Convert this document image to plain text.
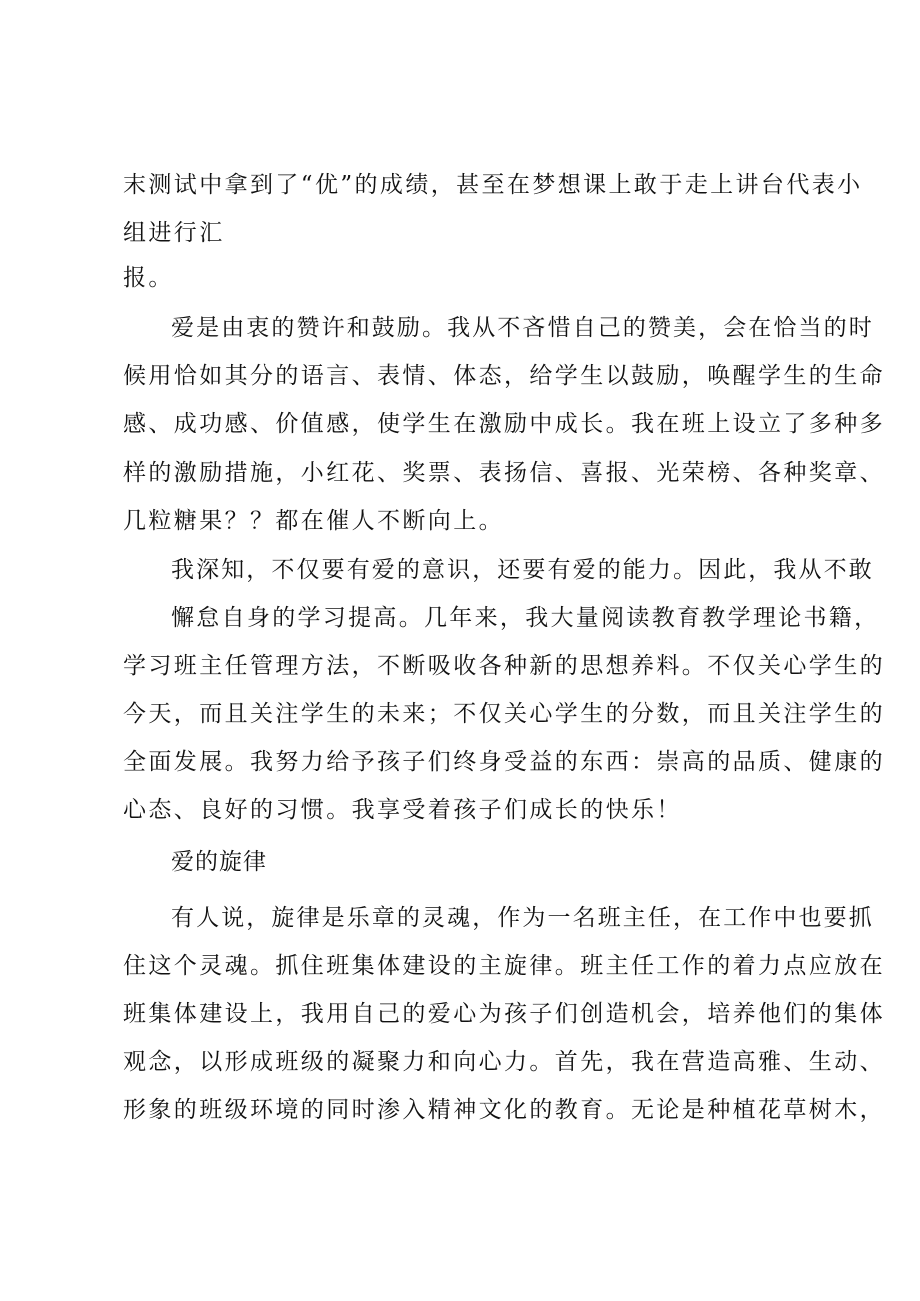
末测试中拿到了“优”的成绩，甚至在梦想课上敢于走上讲台代表小

组进行汇

报。

爱是由衷的赞许和鼓励。我从不吝惜自己的赞美，会在恰当的时

候用恰如其分的语言、表情、体态，给学生以鼓励，唤醒学生的生命

感、成功感、价值感，使学生在激励中成长。我在班上设立了多种多

样的激励措施，小红花、奖票、表扬信、喜报、光荣榜、各种奖章、

几粒糖果？？都在催人不断向上。

我深知，不仅要有爱的意识，还要有爱的能力。因此，我从不敢

懈怠自身的学习提高。几年来，我大量阅读教育教学理论书籍，

学习班主任管理方法，不断吸收各种新的思想养料。不仅关心学生的

今天，而且关注学生的未来；不仅关心学生的分数，而且关注学生的

全面发展。我努力给予孩子们终身受益的东西：崇高的品质、健康的

心态、良好的习惯。我享受着孩子们成长的快乐！

爱的旋律

有人说，旋律是乐章的灵魂，作为一名班主任，在工作中也要抓

住这个灵魂。抓住班集体建设的主旋律。班主任工作的着力点应放在

班集体建设上，我用自己的爱心为孩子们创造机会，培养他们的集体

观念，以形成班级的凝聚力和向心力。首先，我在营造高雅、生动、

形象的班级环境的同时渗入精神文化的教育。无论是种植花草树木，
